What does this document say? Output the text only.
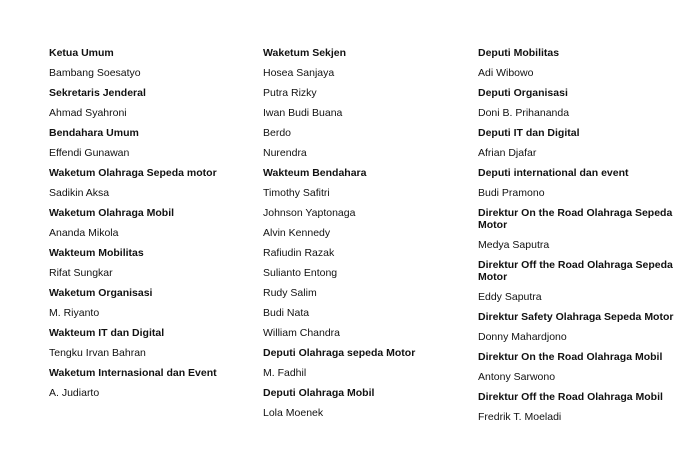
Ketua Umum
Bambang Soesatyo
Sekretaris Jenderal
Ahmad Syahroni
Bendahara Umum
Effendi Gunawan
Waketum Olahraga Sepeda motor
Sadikin Aksa
Waketum Olahraga Mobil
Ananda Mikola
Wakteum Mobilitas
Rifat Sungkar
Waketum Organisasi
M. Riyanto
Wakteum IT dan Digital
Tengku Irvan Bahran
Waketum Internasional dan Event
A. Judiarto
Waketum Sekjen
Hosea Sanjaya
Putra Rizky
Iwan Budi Buana
Berdo
Nurendra
Wakteum Bendahara
Timothy Safitri
Johnson Yaptonaga
Alvin Kennedy
Rafiudin Razak
Sulianto Entong
Rudy Salim
Budi Nata
William Chandra
Deputi Olahraga sepeda Motor
M. Fadhil
Deputi Olahraga Mobil
Lola Moenek
Deputi Mobilitas
Adi Wibowo
Deputi Organisasi
Doni B. Prihananda
Deputi IT dan Digital
Afrian Djafar
Deputi international dan event
Budi Pramono
Direktur On the Road Olahraga Sepeda Motor
Medya Saputra
Direktur Off the Road Olahraga Sepeda Motor
Eddy Saputra
Direktur Safety Olahraga Sepeda Motor
Donny Mahardjono
Direktur On the Road Olahraga Mobil
Antony Sarwono
Direktur Off the Road Olahraga Mobil
Fredrik T. Moeladi
